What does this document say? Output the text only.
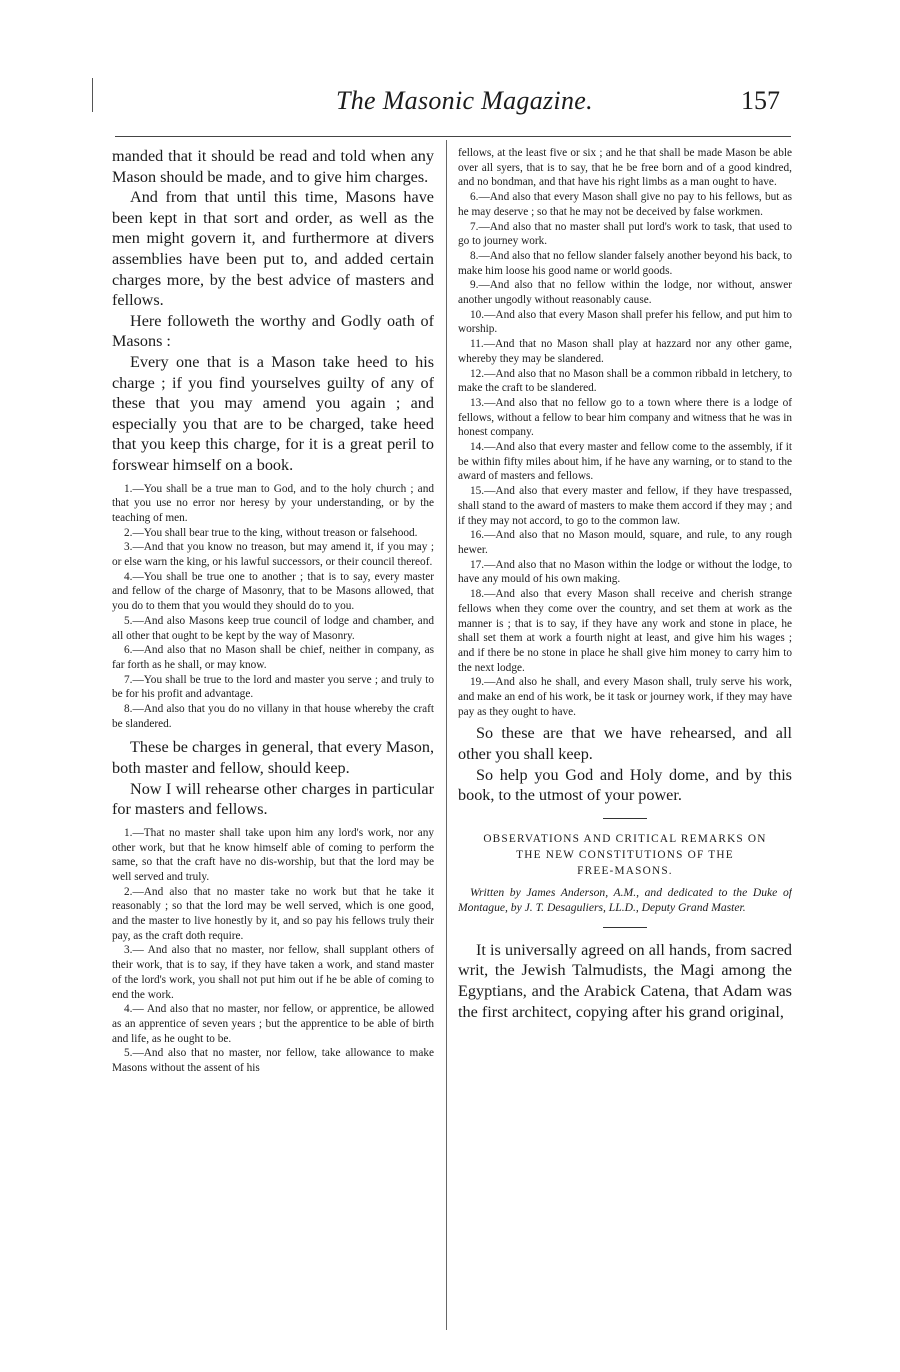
The Masonic Magazine.	157

manded that it should be read and told when any Mason should be made, and to give him charges.

And from that until this time, Masons have been kept in that sort and order, as well as the men might govern it, and furthermore at divers assemblies have been put to, and added certain charges more, by the best advice of masters and fellows.

Here followeth the worthy and Godly oath of Masons :

Every one that is a Mason take heed to his charge ; if you find yourselves guilty of any of these that you may amend you again ; and especially you that are to be charged, take heed that you keep this charge, for it is a great peril to forswear himself on a book.

1.—You shall be a true man to God, and to the holy church ; and that you use no error nor heresy by your understanding, or by the teaching of men.

2.—You shall bear true to the king, without treason or falsehood.

3.—And that you know no treason, but may amend it, if you may ; or else warn the king, or his lawful successors, or their council thereof.

4.—You shall be true one to another ; that is to say, every master and fellow of the charge of Masonry, that to be Masons allowed, that you do to them that you would they should do to you.

5.—And also Masons keep true council of lodge and chamber, and all other that ought to be kept by the way of Masonry.

6.—And also that no Mason shall be chief, neither in company, as far forth as he shall, or may know.

7.—You shall be true to the lord and master you serve ; and truly to be for his profit and advantage.

8.—And also that you do no villany in that house whereby the craft be slandered.

These be charges in general, that every Mason, both master and fellow, should keep.

Now I will rehearse other charges in particular for masters and fellows.

1.—That no master shall take upon him any lord's work, nor any other work, but that he know himself able of coming to perform the same, so that the craft have no dis-worship, but that the lord may be well served and truly.

2.—And also that no master take no work but that he take it reasonably ; so that the lord may be well served, which is one good, and the master to live honestly by it, and so pay his fellows truly their pay, as the craft doth require.

3.— And also that no master, nor fellow, shall supplant others of their work, that is to say, if they have taken a work, and stand master of the lord's work, you shall not put him out if he be able of coming to end the work.

4.— And also that no master, nor fellow, or apprentice, be allowed as an apprentice of seven years ; but the apprentice to be able of birth and life, as he ought to be.

5.—And also that no master, nor fellow, take allowance to make Masons without the assent of his

fellows, at the least five or six ; and he that shall be made Mason be able over all syers, that is to say, that he be free born and of a good kindred, and no bondman, and that have his right limbs as a man ought to have.

6.—And also that every Mason shall give no pay to his fellows, but as he may deserve ; so that he may not be deceived by false workmen.

7.—And also that no master shall put lord's work to task, that used to go to journey work.

8.—And also that no fellow slander falsely another beyond his back, to make him loose his good name or world goods.

9.—And also that no fellow within the lodge, nor without, answer another ungodly without reasonably cause.

10.—And also that every Mason shall prefer his fellow, and put him to worship.

11.—And that no Mason shall play at hazzard nor any other game, whereby they may be slandered.

12.—And also that no Mason shall be a common ribbald in letchery, to make the craft to be slandered.

13.—And also that no fellow go to a town where there is a lodge of fellows, without a fellow to bear him company and witness that he was in honest company.

14.—And also that every master and fellow come to the assembly, if it be within fifty miles about him, if he have any warning, or to stand to the award of masters and fellows.

15.—And also that every master and fellow, if they have trespassed, shall stand to the award of masters to make them accord if they may ; and if they may not accord, to go to the common law.

16.—And also that no Mason mould, square, and rule, to any rough hewer.

17.—And also that no Mason within the lodge or without the lodge, to have any mould of his own making.

18.—And also that every Mason shall receive and cherish strange fellows when they come over the country, and set them at work as the manner is ; that is to say, if they have any work and stone in place, he shall set them at work a fourth night at least, and give him his wages ; and if there be no stone in place he shall give him money to carry him to the next lodge.

19.—And also he shall, and every Mason shall, truly serve his work, and make an end of his work, be it task or journey work, if they may have pay as they ought to have.

So these are that we have rehearsed, and all other you shall keep.

So help you God and Holy dome, and by this book, to the utmost of your power.

OBSERVATIONS AND CRITICAL REMARKS ON

THE NEW CONSTITUTIONS OF THE

FREE-MASONS.

Written by James Anderson, A.M., and dedicated to the Duke of Montague, by J. T. Desaguliers, LL.D., Deputy Grand Master.

It is universally agreed on all hands, from sacred writ, the Jewish Talmudists, the Magi among the Egyptians, and the Arabick Catena, that Adam was the first architect, copying after his grand original,
